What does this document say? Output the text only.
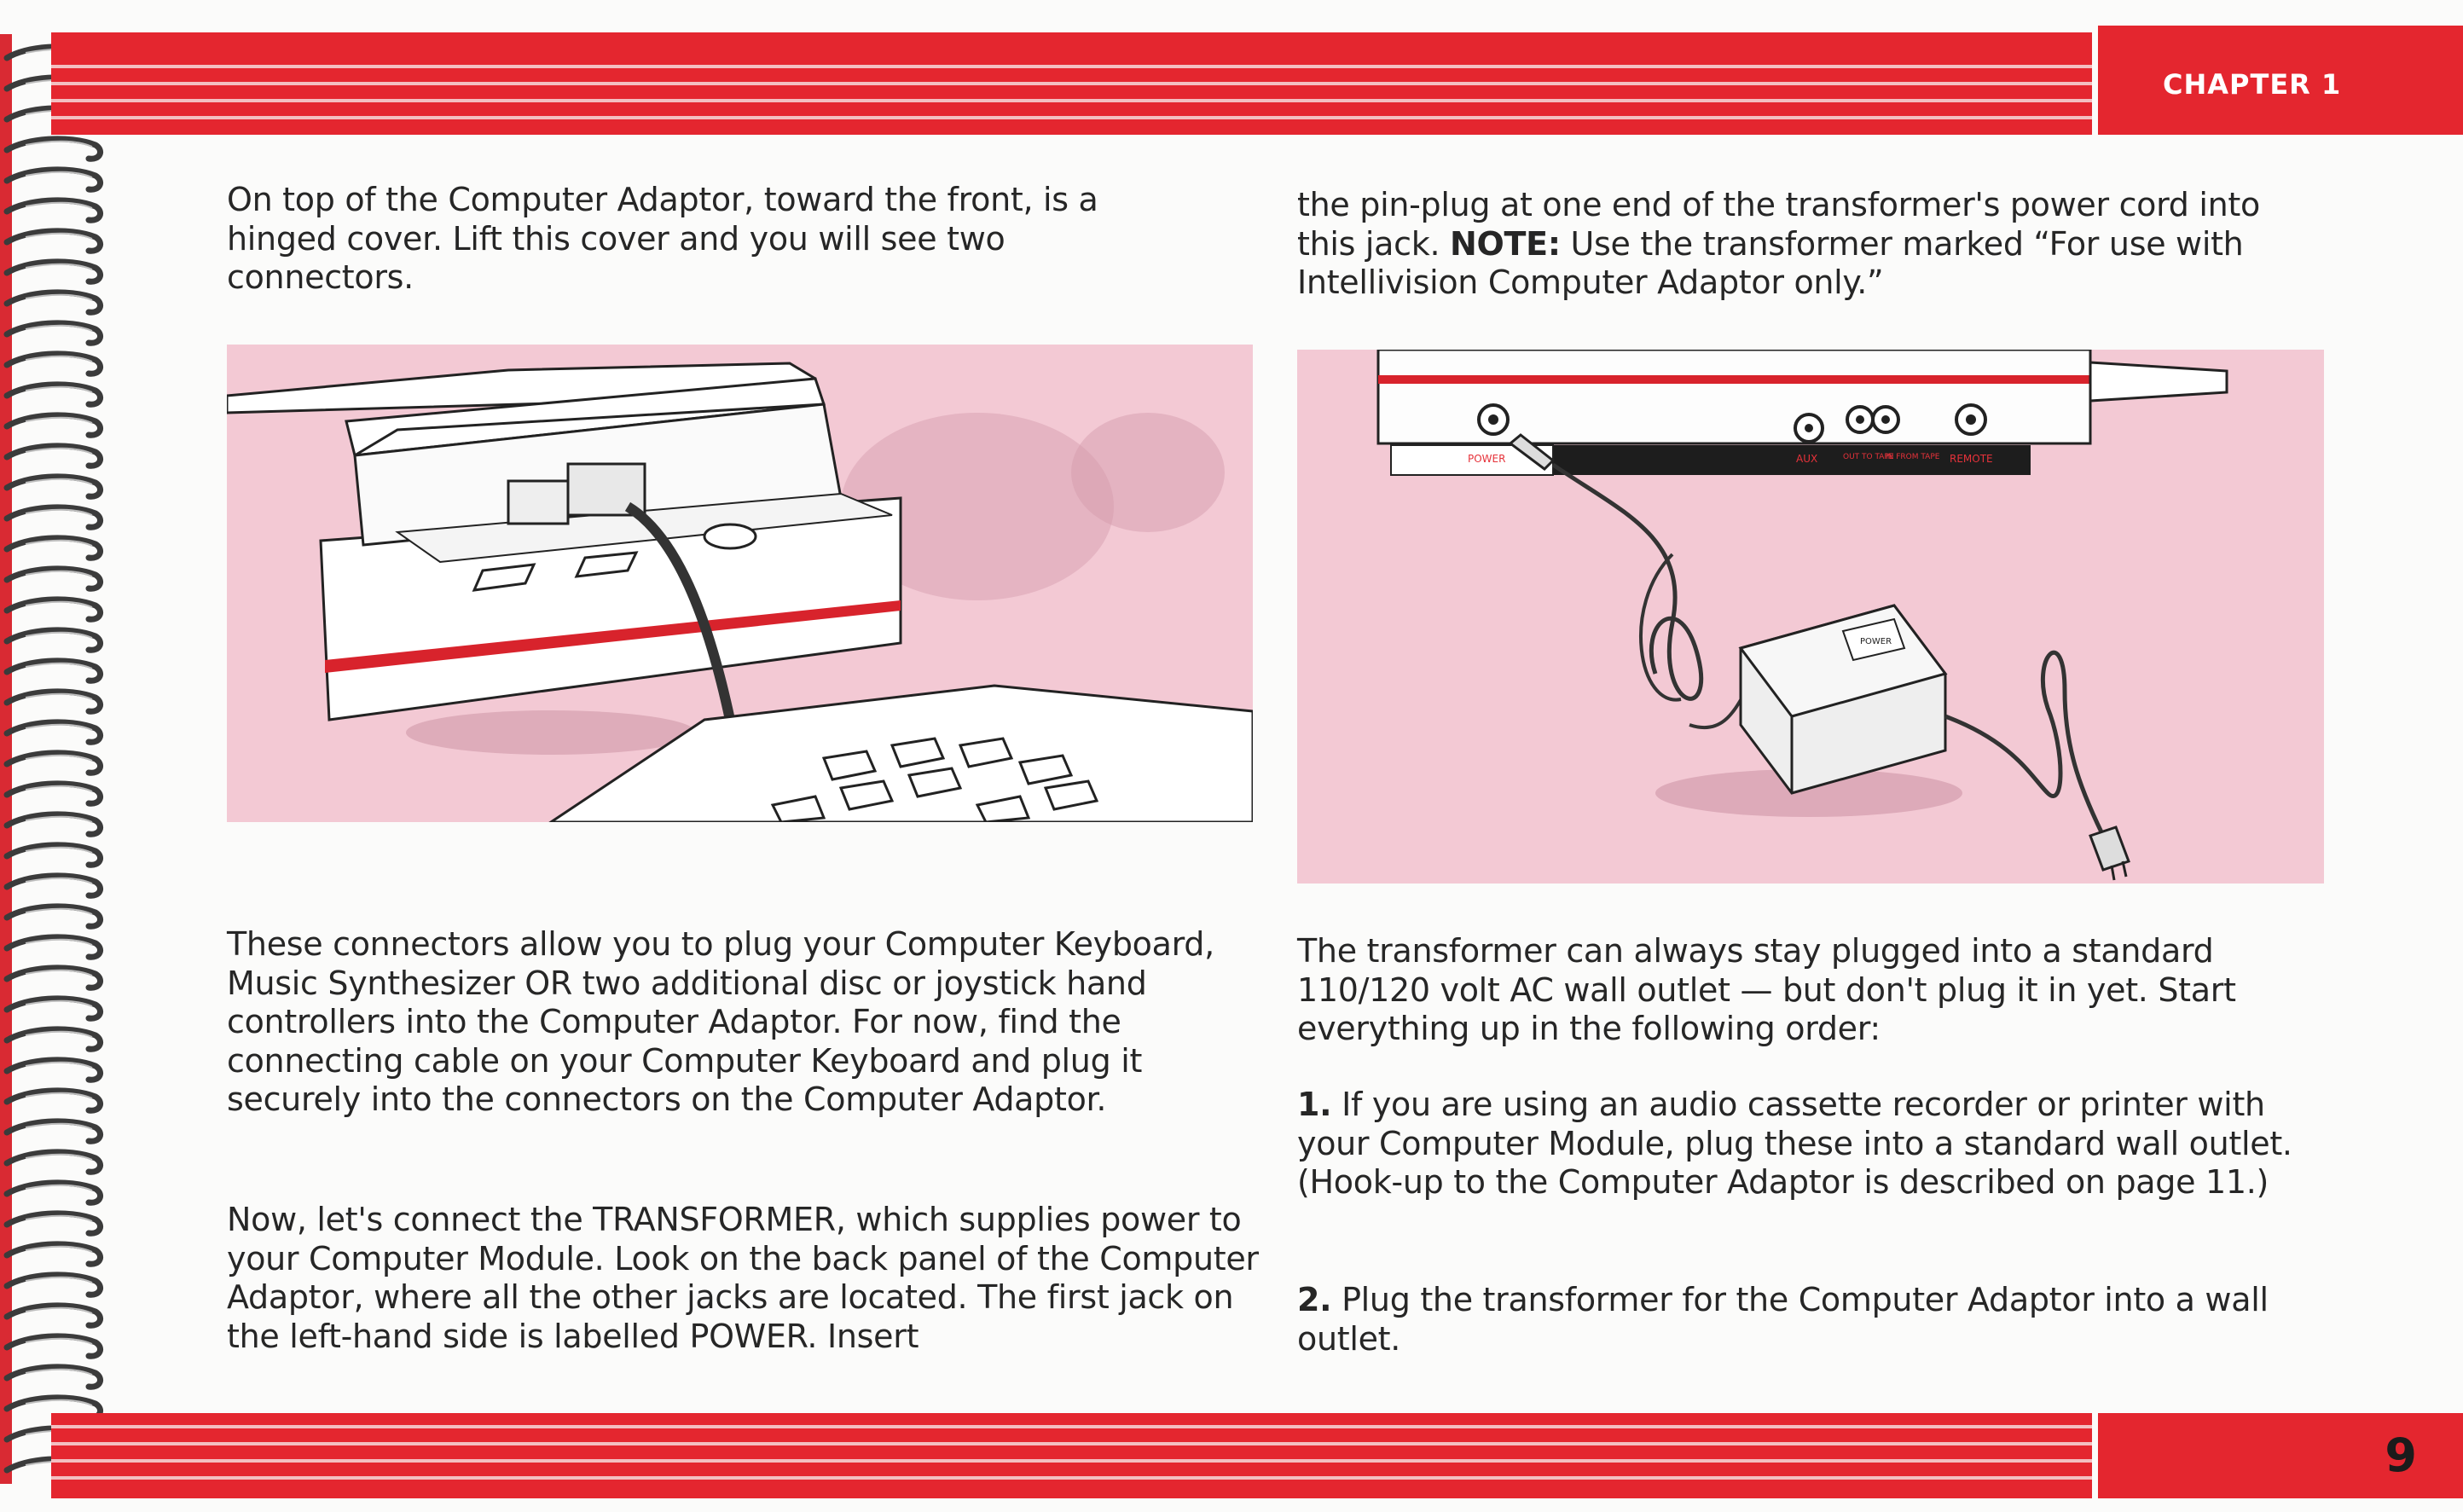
CHAPTER 1
9

On top of the Computer Adaptor, toward the front, is a hinged cover. Lift this cover and you will see two connectors.

These connectors allow you to plug your Computer Keyboard, Music Synthesizer OR two additional disc or joystick hand controllers into the Computer Adaptor. For now, find the connecting cable on your Computer Keyboard and plug it securely into the connectors on the Computer Adaptor.

Now, let's connect the TRANSFORMER, which supplies power to your Computer Module. Look on the back panel of the Computer Adaptor, where all the other jacks are located. The first jack on the left-hand side is labelled POWER. Insert

the pin-plug at one end of the transformer's power cord into this jack. NOTE: Use the transformer marked “For use with Intellivision Computer Adaptor only.”

POWER	AUX	OUT TO TAPE
IN FROM TAPE REMOTE
POWER

The transformer can always stay plugged into a standard 110/120 volt AC wall outlet — but don't plug it in yet. Start everything up in the following order:

1. If you are using an audio cassette recorder or printer with your Computer Module, plug these into a standard wall outlet. (Hook-up to the Computer Adaptor is described on page 11.)

2. Plug the transformer for the Computer Adaptor into a wall outlet.
